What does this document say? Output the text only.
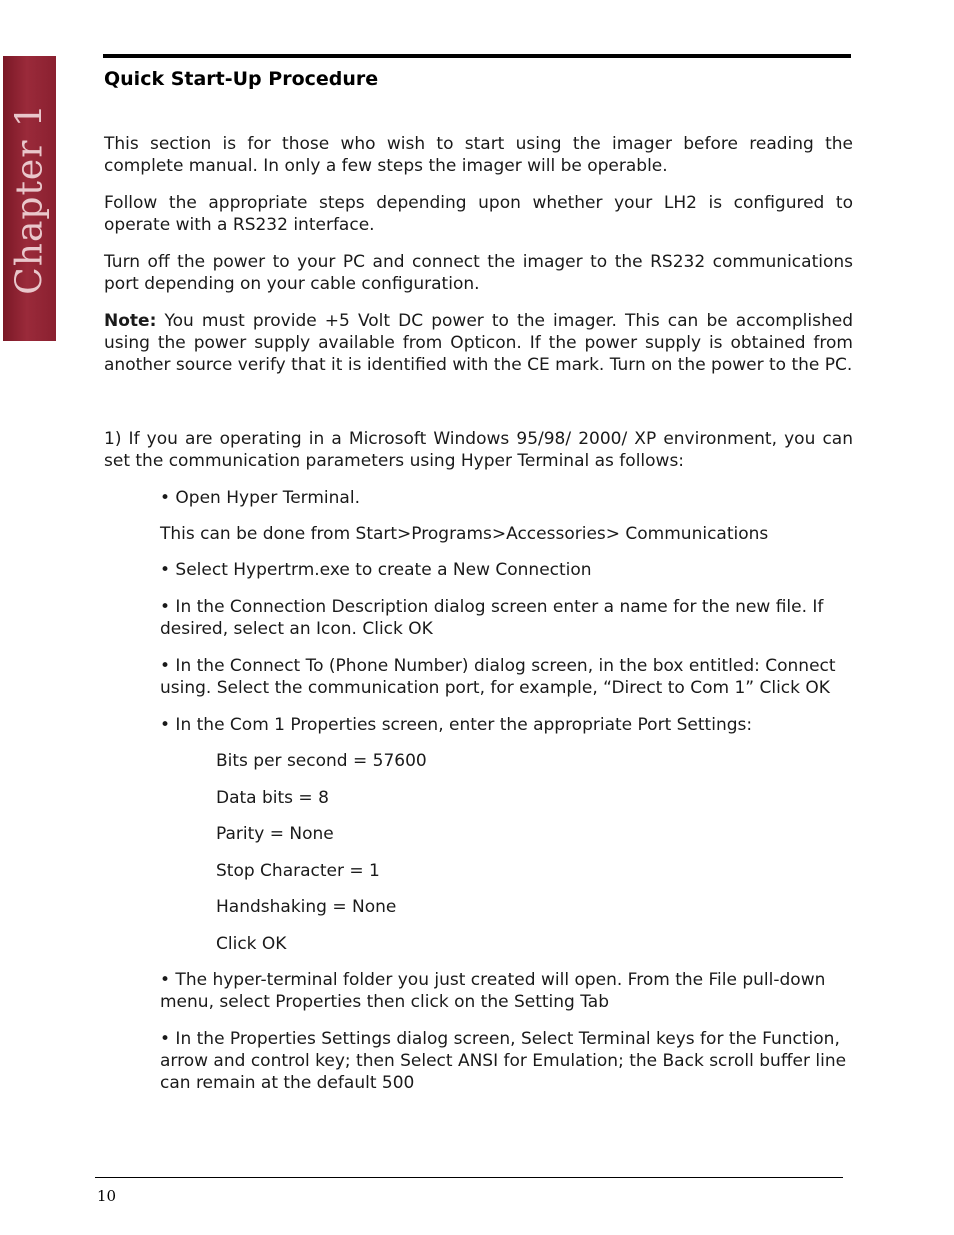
Chapter 1
Quick Start-Up Procedure

This section is for those who wish to start using the imager before reading the complete manual. In only a few steps the imager will be operable.

Follow the appropriate steps depending upon whether your LH2 is configured to operate with a RS232 interface.

Turn off the power to your PC and connect the imager to the RS232 communications port depending on your cable configuration.

Note: You must provide +5 Volt DC power to the imager. This can be accomplished using the power supply available from Opticon. If the power supply is obtained from another source verify that it is identified with the CE mark. Turn on the power to the PC.

1) If you are operating in a Microsoft Windows 95/98/ 2000/ XP environment, you can set the communication parameters using Hyper Terminal as follows:

• Open Hyper Terminal.

This can be done from Start>Programs>Accessories> Communications

• Select Hypertrm.exe to create a New Connection

• In the Connection Description dialog screen enter a name for the new file. If desired, select an Icon. Click OK

• In the Connect To (Phone Number) dialog screen, in the box entitled: Connect using. Select the communication port, for example, “Direct to Com 1” Click OK

• In the Com 1 Properties screen, enter the appropriate Port Settings:

Bits per second = 57600

Data bits = 8

Parity = None

Stop Character = 1

Handshaking = None

Click OK

• The hyper-terminal folder you just created will open. From the File pull-down menu, select Properties then click on the Setting Tab

• In the Properties Settings dialog screen, Select Terminal keys for the Function, arrow and control key; then Select ANSI for Emulation; the Back scroll buffer line can remain at the default 500

10
